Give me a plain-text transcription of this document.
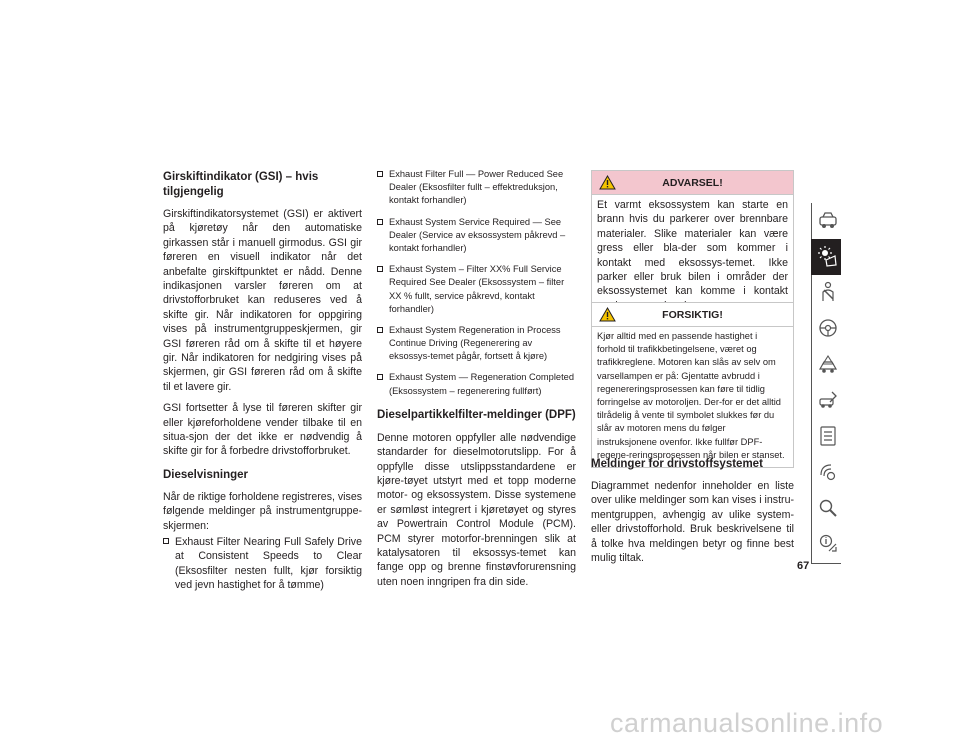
Girskiftindikator (GSI) – hvis tilgjengelig

Girskiftindikatorsystemet (GSI) er aktivert på kjøretøy når den automatiske girkassen står i manuell girmodus. GSI gir føreren en visuell indikator når det anbefalte girskiftpunktet er nådd. Denne indikasjonen varsler føreren om at drivstofforbruket kan reduseres ved å skifte gir. Når indikatoren for oppgiring vises på instrumentgruppeskjermen, gir GSI føreren råd om å skifte til et høyere gir. Når indikatoren for nedgiring vises på skjermen, gir GSI føreren råd om å skifte til et lavere gir.

GSI fortsetter å lyse til føreren skifter gir eller kjøreforholdene vender tilbake til en situa-sjon der det ikke er nødvendig å skifte gir for å forbedre drivstofforbruket.

Dieselvisninger

Når de riktige forholdene registreres, vises følgende meldinger på instrumentgruppe-skjermen:

Exhaust Filter Nearing Full Safely Drive at Consistent Speeds to Clear (Eksosfilter nesten fullt, kjør forsiktig ved jevn hastighet for å tømme)
Exhaust Filter Full — Power Reduced See Dealer (Eksosfilter fullt – effektreduksjon, kontakt forhandler)
Exhaust System Service Required — See Dealer (Service av eksossystem påkrevd – kontakt forhandler)
Exhaust System – Filter XX% Full Service Required See Dealer (Eksossystem – filter XX % fullt, service påkrevd, kontakt forhandler)
Exhaust System Regeneration in Process Continue Driving (Regenerering av eksossys-temet pågår, fortsett å kjøre)
Exhaust System — Regeneration Completed (Eksossystem – regenerering fullført)
Dieselpartikkelfilter-meldinger (DPF)

Denne motoren oppfyller alle nødvendige standarder for dieselmotorutslipp. For å oppfylle disse utslippsstandardene er kjøre-tøyet utstyrt med et topp moderne motor- og eksossystem. Disse systemene er sømløst integrert i kjøretøyet og styres av Powertrain Control Module (PCM). PCM styrer motorfor-brenningen slik at katalysatoren til eksossys-temet kan fange opp og brenne finstøvforurensning uten noen inngripen fra din side.

ADVARSEL!

Et varmt eksossystem kan starte en brann hvis du parkerer over brennbare materialer. Slike materialer kan være gress eller bla-der som kommer i kontakt med eksossys-temet. Ikke parker eller bruk bilen i områder der eksossystemet kan komme i kontakt

FORSIKTIG!

Kjør alltid med en passende hastighet i forhold til trafikkbetingelsene, været og trafikkreglene. Motoren kan slås av selv om varsellampen er på: Gjentatte avbrudd i regenereringsprosessen kan føre til tidlig forringelse av motoroljen. Der-for er det alltid tilrådelig å vente til symbolet slukkes før du slår av motoren mens du følger instruksjonene ovenfor. Ikke fullfør DPF-regene-reringsprosessen når bilen er stanset.

Meldinger for drivstoffsystemet

Diagrammet nedenfor inneholder en liste over ulike meldinger som kan vises i instru-mentgruppen, avhengig av ulike system-eller drivstofforhold. Bruk beskrivelsene til å tolke hva meldingen betyr og finne best mulig tiltak.

67
carmanualsonline.info
